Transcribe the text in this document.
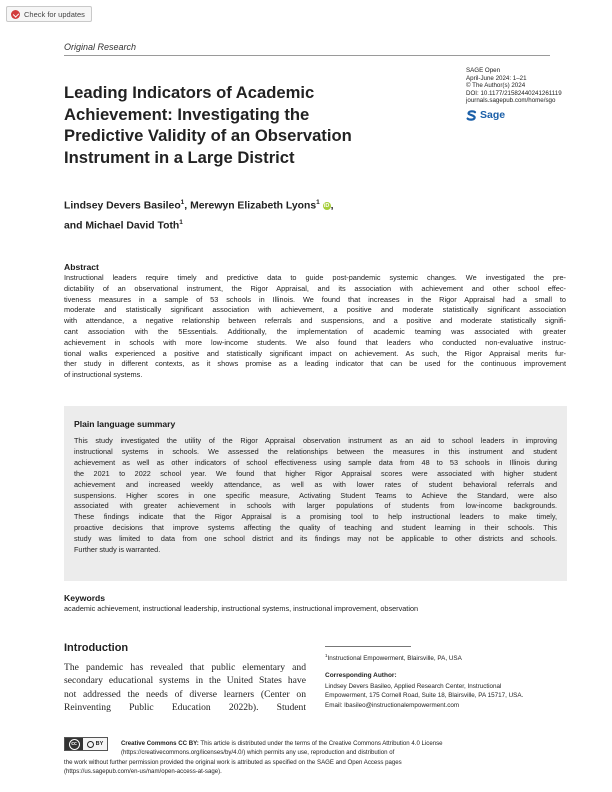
Check for updates
Original Research
Leading Indicators of Academic
Achievement: Investigating the
Predictive Validity of an Observation
Instrument in a Large District
SAGE Open
April-June 2024: 1–21
© The Author(s) 2024
DOI: 10.1177/21582440241261119
journals.sagepub.com/home/sgo
Sage
Lindsey Devers Basileo$^1$, Merewyn Elizabeth Lyons$^1$ iD,
and Michael David Toth$^1$
Abstract
Instructional leaders require timely and predictive data to guide post-pandemic systemic changes. We investigated the pre-
dictability of an observational instrument, the Rigor Appraisal, and its association with achievement and other school effec-
tiveness measures in a sample of 53 schools in Illinois. We found that increases in the Rigor Appraisal had a small to
moderate and statistically significant association with achievement, a positive and moderate statistically significant association
with attendance, a negative relationship between referrals and suspensions, and a positive and moderate statistically signifi-
cant association with the 5Essentials. Additionally, the implementation of academic teaming was associated with greater
achievement in schools with more low-income students. We also found that leaders who conducted non-evaluative instruc-
tional walks experienced a positive and statistically significant impact on achievement. As such, the Rigor Appraisal merits fur-
ther study in different contexts, as it shows promise as a leading indicator that can be used for the continuous improvement
of instructional systems.
Plain language summary
This study investigated the utility of the Rigor Appraisal observation instrument as an aid to school leaders in improving
instructional systems in schools. We assessed the relationships between the measures in this instrument and student
achievement as well as other indicators of school effectiveness using sample data from 48 to 53 schools in Illinois during
the 2021 to 2022 school year. We found that higher Rigor Appraisal scores were associated with higher student
achievement and increased weekly attendance, as well as with lower rates of student behavioral referrals and
suspensions. Higher scores in one specific measure, Activating Student Teams to Achieve the Standard, were also
associated with greater achievement in schools with larger populations of students from low-income backgrounds.
These findings indicate that the Rigor Appraisal is a promising tool to help instructional leaders to make timely,
proactive decisions that improve systems affecting the quality of teaching and student learning in their schools. This
study was limited to data from one school district and its findings may not be applicable to other districts and schools.
Further study is warranted.
Keywords
academic achievement, instructional leadership, instructional systems, instructional improvement, observation
Introduction
The pandemic has revealed that public elementary and
secondary educational systems in the United States have
not addressed the needs of diverse learners (Center on
Reinventing Public Education 2022b). Student
$^1$Instructional Empowerment, Blairsville, PA, USA
Corresponding Author:
Lindsey Devers Basileo, Applied Research Center, Instructional
Empowerment, 175 Cornell Road, Suite 18, Blairsville, PA 15717, USA.
Email: lbasileo@instructionalempowerment.com
cc	BY	Creative Commons CC BY: This article is distributed under the terms of the Creative Commons Attribution 4.0 License
(https://creativecommons.org/licenses/by/4.0/) which permits any use, reproduction and distribution of
the work without further permission provided the original work is attributed as specified on the SAGE and Open Access pages
(https://us.sagepub.com/en-us/nam/open-access-at-sage).
